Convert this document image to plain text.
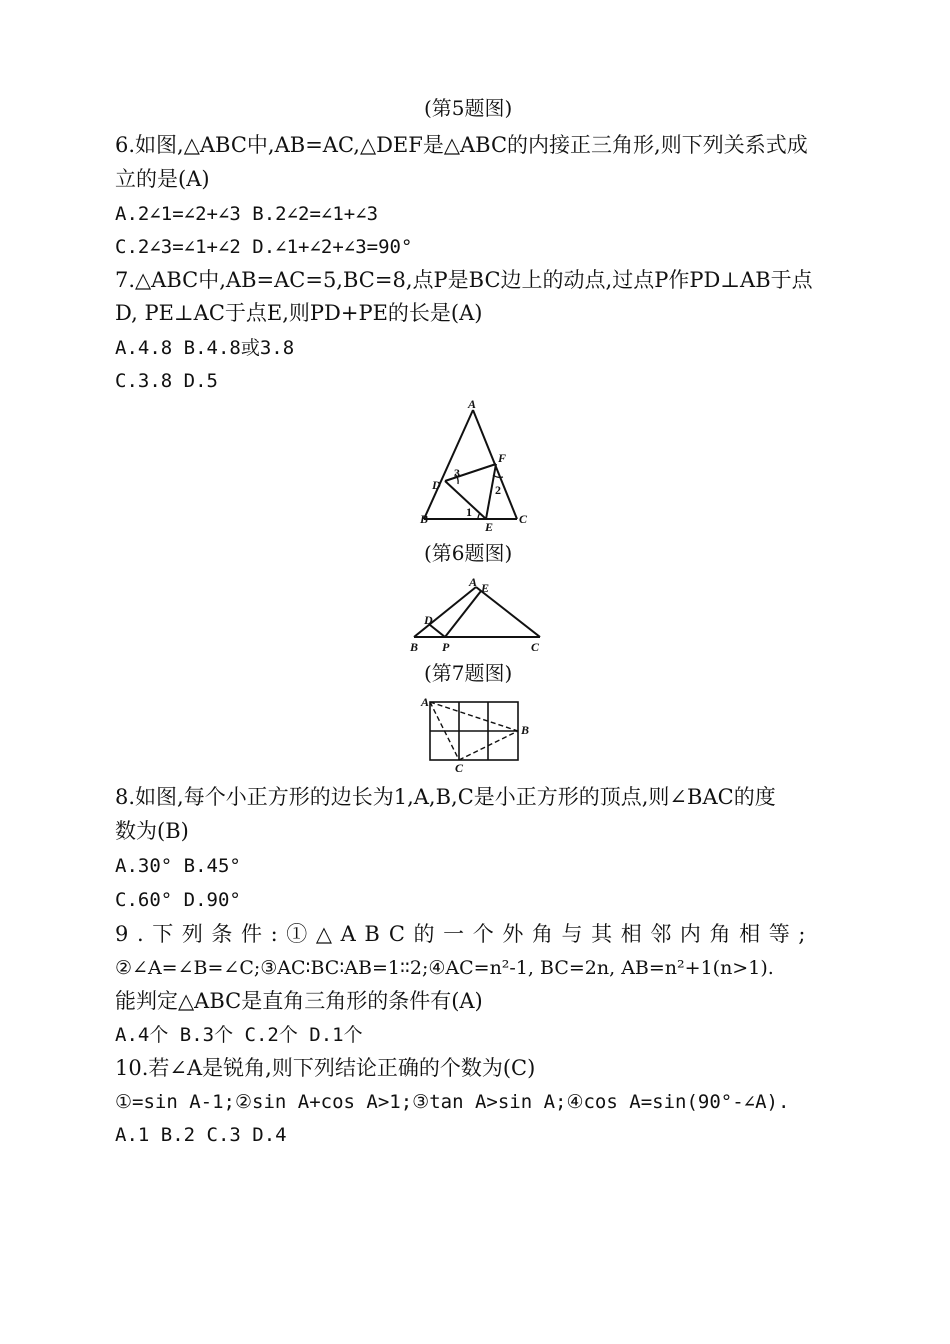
(第5题图)
6.如图,△ABC中,AB=AC,△DEF是△ABC的内接正三角形,则下列关系式成
立的是(A)
A.2∠1=∠2+∠3 B.2∠2=∠1+∠3
C.2∠3=∠1+∠2 D.∠1+∠2+∠3=90°
7.△ABC中,AB=AC=5,BC=8,点P是BC边上的动点,过点P作PD⊥AB于点
D, PE⊥AC于点E,则PD+PE的长是(A)
A.4.8 B.4.8或3.8
C.3.8 D.5
A
B	C
D
E
F
1
2
3
(第6题图)
A E
D
B P	C
(第7题图)
A
B
C
8.如图,每个小正方形的边长为1,A,B,C是小正方形的顶点,则∠BAC的度
数为(B)
A.30° B.45°
C.60° D.90°
9.下列条件:①△ABC的一个外角与其相邻内角相等;
②∠A=∠B=∠C;③AC∶BC∶AB=1∶∶2;④AC=n²-1, BC=2n, AB=n²+1(n>1).
能判定△ABC是直角三角形的条件有(A)
A.4个 B.3个 C.2个 D.1个
10.若∠A是锐角,则下列结论正确的个数为(C)
①=sin A-1;②sin A+cos A>1;③tan A>sin A;④cos A=sin(90°-∠A).
A.1 B.2 C.3 D.4
